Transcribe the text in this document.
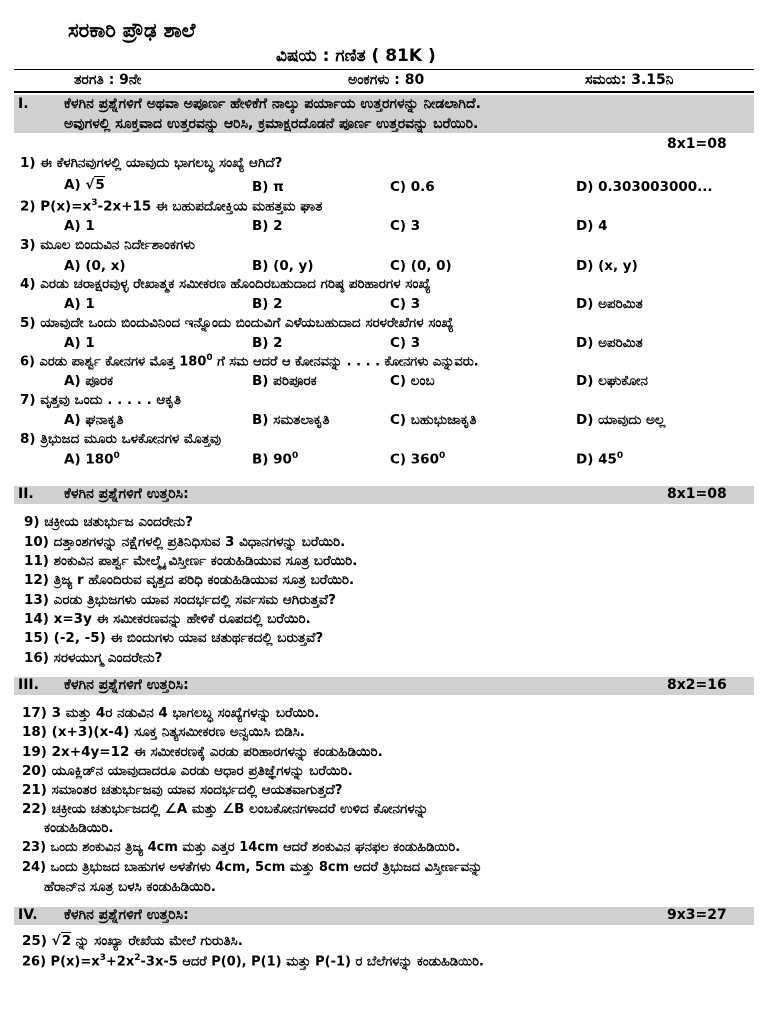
ಸರಕಾರಿ ಪ್ರೌಢ ಶಾಲೆ
ವಿಷಯ : ಗಣಿತ ( 81K )
ತರಗತಿ : 9ನೇ	ಅಂಕಗಳು : 80	ಸಮಯ: 3.15ನಿ
I.	ಕೆಳಗಿನ ಪ್ರಶ್ನೆಗಳಿಗೆ ಅಥವಾ ಅಪೂರ್ಣ ಹೇಳಿಕೆಗೆ ನಾಲ್ಕು ಪರ್ಯಾಯ ಉತ್ತರಗಳನ್ನು ನೀಡಲಾಗಿದೆ.
ಅವುಗಳಲ್ಲಿ ಸೂಕ್ತವಾದ ಉತ್ತರವನ್ನು ಆರಿಸಿ, ಕ್ರಮಾಕ್ಷರದೊಡನೆ ಪೂರ್ಣ ಉತ್ತರವನ್ನು ಬರೆಯಿರಿ.
8x1=08
1) ಈ ಕೆಳಗಿನವುಗಳಲ್ಲಿ ಯಾವುದು ಭಾಗಲಬ್ಧ ಸಂಖ್ಯೆ ಆಗಿದೆ?
A) √5	B) π	C) 0.6	D) 0.303003000...
2) $P(x)=x^3-2x+15$ ಈ ಬಹುಪದೋಕ್ತಿಯ ಮಹತ್ತಮ ಘಾತ
A) 1	B) 2	C) 3	D) 4
3) ಮೂಲ ಬಿಂದುವಿನ ನಿರ್ದೇಶಾಂಕಗಳು
A) (0, x)	B) (0, y)	C) (0, 0)	D) (x, y)
4) ಎರಡು ಚರಾಕ್ಷರವುಳ್ಳ ರೇಖಾತ್ಮಕ ಸಮೀಕರಣ ಹೊಂದಿರಬಹುದಾದ ಗರಿಷ್ಠ ಪರಿಹಾರಗಳ ಸಂಖ್ಯೆ
A) 1	B) 2	C) 3	D) ಅಪರಿಮಿತ
5) ಯಾವುದೇ ಒಂದು ಬಿಂದುವಿನಿಂದ ಇನ್ನೊಂದು ಬಿಂದುವಿಗೆ ಎಳೆಯಬಹುದಾದ ಸರಳರೇಖೆಗಳ ಸಂಖ್ಯೆ
A) 1	B) 2	C) 3	D) ಅಪರಿಮಿತ
6) ಎರಡು ಪಾರ್ಶ್ವ ಕೋನಗಳ ಮೊತ್ತ $180^0$ ಗೆ ಸಮ ಆದರೆ ಆ ಕೋನವನ್ನು . . . . ಕೋನಗಳು ಎನ್ನುವರು.
A) ಪೂರಕ	B) ಪರಿಪೂರಕ	C) ಲಂಬ	D) ಲಘುಕೋನ
7) ವೃತ್ತವು ಒಂದು . . . . . ಆಕೃತಿ
A) ಘನಾಕೃತಿ	B) ಸಮತಲಾಕೃತಿ	C) ಬಹುಭುಜಾಕೃತಿ	D) ಯಾವುದು ಅಲ್ಲ
8) ತ್ರಿಭುಜದ ಮೂರು ಒಳಕೋನಗಳ ಮೊತ್ತವು
A) $180^0$	B) $90^0$	C) $360^0$	D) $45^0$
II. ಕೆಳಗಿನ ಪ್ರಶ್ನೆಗಳಿಗೆ ಉತ್ತರಿಸಿ:	8x1=08
9) ಚಕ್ರೀಯ ಚತುರ್ಭುಜ ಎಂದರೇನು?
10) ದತ್ತಾಂಶಗಳನ್ನು ನಕ್ಷೆಗಳಲ್ಲಿ ಪ್ರತಿನಿಧಿಸುವ 3 ವಿಧಾನಗಳನ್ನು ಬರೆಯಿರಿ.
11) ಶಂಕುವಿನ ಪಾರ್ಶ್ವ ಮೇಲ್ಮೈ ವಿಸ್ತೀರ್ಣ ಕಂಡುಹಿಡಿಯುವ ಸೂತ್ರ ಬರೆಯಿರಿ.
12) ತ್ರಿಜ್ಯ r ಹೊಂದಿರುವ ವೃತ್ತದ ಪರಿಧಿ ಕಂಡುಹಿಡಿಯುವ ಸೂತ್ರ ಬರೆಯಿರಿ.
13) ಎರಡು ತ್ರಿಭುಜಗಳು ಯಾವ ಸಂದರ್ಭದಲ್ಲಿ ಸರ್ವಸಮ ಆಗಿರುತ್ತವೆ?
14) x=3y ಈ ಸಮೀಕರಣವನ್ನು ಹೇಳಿಕೆ ರೂಪದಲ್ಲಿ ಬರೆಯಿರಿ.
15) (-2, -5) ಈ ಬಿಂದುಗಳು ಯಾವ ಚತುರ್ಥಕದಲ್ಲಿ ಬರುತ್ತವೆ?
16) ಸರಳಯುಗ್ಮ ಎಂದರೇನು?
III. ಕೆಳಗಿನ ಪ್ರಶ್ನೆಗಳಿಗೆ ಉತ್ತರಿಸಿ:	8x2=16
17) 3 ಮತ್ತು 4ರ ನಡುವಿನ 4 ಭಾಗಲಬ್ಧ ಸಂಖ್ಯೆಗಳನ್ನು ಬರೆಯಿರಿ.
18) (x+3)(x-4) ಸೂಕ್ತ ನಿತ್ಯಸಮೀಕರಣ ಅನ್ವಯಿಸಿ ಬಿಡಿಸಿ.
19) 2x+4y=12 ಈ ಸಮೀಕರಣಕ್ಕೆ ಎರಡು ಪರಿಹಾರಗಳನ್ನು ಕಂಡುಹಿಡಿಯಿರಿ.
20) ಯೂಕ್ಲಿಡ್‌ನ ಯಾವುದಾದರೂ ಎರಡು ಆಧಾರ ಪ್ರತಿಜ್ಞೆಗಳನ್ನು ಬರೆಯಿರಿ.
21) ಸಮಾಂತರ ಚತುರ್ಭುಜವು ಯಾವ ಸಂದರ್ಭದಲ್ಲಿ ಆಯತವಾಗುತ್ತದೆ?
22) ಚಕ್ರೀಯ ಚತುರ್ಭುಜದಲ್ಲಿ ∠A ಮತ್ತು ∠B ಲಂಬಕೋನಗಳಾದರೆ ಉಳಿದ ಕೋನಗಳನ್ನು
ಕಂಡುಹಿಡಿಯಿರಿ.
23) ಒಂದು ಶಂಕುವಿನ ತ್ರಿಜ್ಯ 4cm ಮತ್ತು ಎತ್ತರ 14cm ಆದರೆ ಶಂಕುವಿನ ಘನಫಲ ಕಂಡುಹಿಡಿಯಿರಿ.
24) ಒಂದು ತ್ರಿಭುಜದ ಬಾಹುಗಳ ಅಳತೆಗಳು 4cm, 5cm ಮತ್ತು 8cm ಆದರೆ ತ್ರಿಭುಜದ ವಿಸ್ತೀರ್ಣವನ್ನು
ಹೆರಾನ್‌ನ ಸೂತ್ರ ಬಳಸಿ ಕಂಡುಹಿಡಿಯಿರಿ.
IV. ಕೆಳಗಿನ ಪ್ರಶ್ನೆಗಳಿಗೆ ಉತ್ತರಿಸಿ:	9x3=27
25) √2 ನ್ನು ಸಂಖ್ಯಾ ರೇಖೆಯ ಮೇಲೆ ಗುರುತಿಸಿ.
26) $P(x)=x^3+2x^2-3x-5$ ಆದರೆ P(0), P(1) ಮತ್ತು P(-1) ರ ಬೆಲೆಗಳನ್ನು ಕಂಡುಹಿಡಿಯಿರಿ.
